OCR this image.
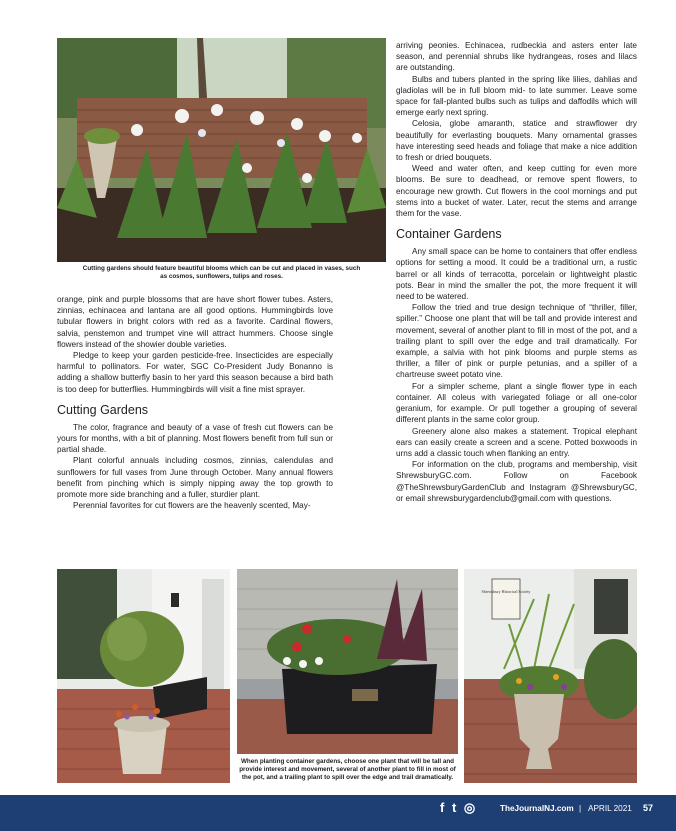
Cutting gardens should feature beautiful blooms which can be cut and placed in vases, such as cosmos, sunflowers, tulips and roses.

orange, pink and purple blossoms that are have short flower tubes. Asters, zinnias, echinacea and lantana are all good options. Hummingbirds love tubular flowers in bright colors with red as a favorite. Cardinal flowers, salvia, penstemon and trumpet vine will attract hummers. Choose single flowers instead of the showier double varieties.

Pledge to keep your garden pesticide-free. Insecticides are especially harmful to pollinators. For water, SGC Co-President Judy Bonanno is adding a shallow butterfly basin to her yard this season because a bird bath is too deep for butterflies. Hummingbirds will visit a fine mist sprayer.

Cutting Gardens

The color, fragrance and beauty of a vase of fresh cut flowers can be yours for months, with a bit of planning. Most flowers benefit from full sun or partial shade.

Plant colorful annuals including cosmos, zinnias, calendulas and sunflowers for full vases from June through October. Many annual flowers benefit from pinching which is simply nipping away the top growth to promote more side branching and a fuller, sturdier plant.

Perennial favorites for cut flowers are the heavenly scented, May-

arriving peonies. Echinacea, rudbeckia and asters enter late season, and perennial shrubs like hydrangeas, roses and lilacs are outstanding.

Bulbs and tubers planted in the spring like lilies, dahlias and gladiolas will be in full bloom mid- to late summer. Leave some space for fall-planted bulbs such as tulips and daffodils which will emerge early next spring.

Celosia, globe amaranth, statice and strawflower dry beautifully for everlasting bouquets. Many ornamental grasses have interesting seed heads and foliage that make a nice addition to fresh or dried bouquets.

Weed and water often, and keep cutting for even more blooms. Be sure to deadhead, or remove spent flowers, to encourage new growth. Cut flowers in the cool mornings and put stems into a bucket of water. Later, recut the stems and arrange them for the vase.

Container Gardens

Any small space can be home to containers that offer endless options for setting a mood. It could be a traditional urn, a rustic barrel or all kinds of terracotta, porcelain or lightweight plastic pots. Bear in mind the smaller the pot, the more frequent it will need to be watered.

Follow the tried and true design technique of “thriller, filler, spiller.” Choose one plant that will be tall and provide interest and movement, several of another plant to fill in most of the pot, and a trailing plant to spill over the edge and trail dramatically. For example, a salvia with hot pink blooms and purple stems as thriller, a filler of pink or purple petunias, and a spiller of a chartreuse sweet potato vine.

For a simpler scheme, plant a single flower type in each container. All coleus with variegated foliage or all one-color geranium, for example. Or pull together a grouping of several different plants in the same color group.

Greenery alone also makes a statement. Tropical elephant ears can easily create a screen and a scene. Potted boxwoods in urns add a classic touch when flanking an entry.

For information on the club, programs and membership, visit ShrewsburyGC.com. Follow on Facebook @TheShrewsburyGardenClub and Instagram @ShrewsburyGC, or email shrewsburygardenclub@gmail.com with questions.

When planting container gardens, choose one plant that will be tall and provide interest and movement, several of another plant to fill in most of the pot, and a trailing plant to spill over the edge and trail dramatically.
Shrewsbury Historical Society
f t ◎	TheJournalNJ.com | APRIL 2021 57
